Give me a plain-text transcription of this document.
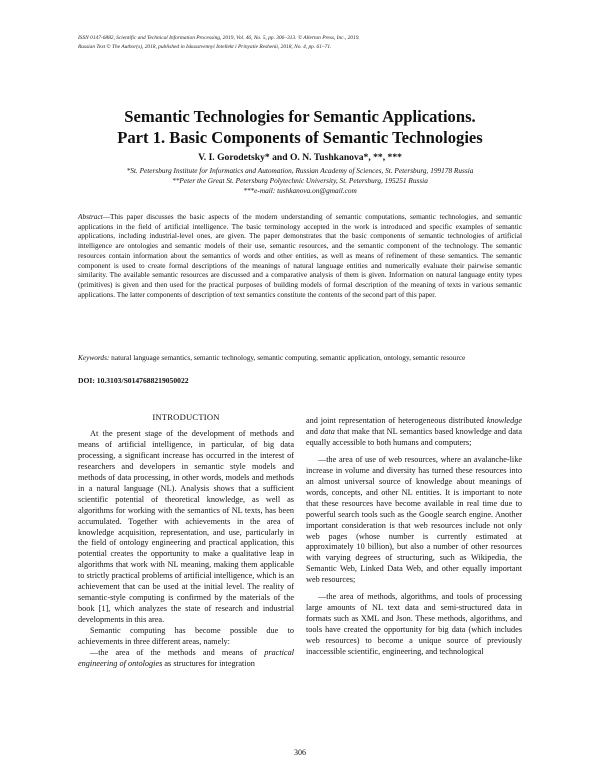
ISSN 0147-6882, Scientific and Technical Information Processing, 2019, Vol. 46, No. 5, pp. 306–313. © Allerton Press, Inc., 2019.
Russian Text © The Author(s), 2018, published in Iskusstvennyi Intellekt i Prinyatie Reshenii, 2018, No. 4, pp. 61–71.
Semantic Technologies for Semantic Applications.
Part 1. Basic Components of Semantic Technologies
V. I. Gorodetsky* and O. N. Tushkanova*, **, ***
*St. Petersburg Institute for Informatics and Automation, Russian Academy of Sciences, St. Petersburg, 199178 Russia
**Peter the Great St. Petersburg Polytechnic University, St. Petersburg, 195251 Russia
***e-mail: tushkanova.on@gmail.com
Abstract—This paper discusses the basic aspects of the modern understanding of semantic computations, semantic technologies, and semantic applications in the field of artificial intelligence. The basic terminology accepted in the work is introduced and specific examples of semantic applications, including industrial-level ones, are given. The paper demonstrates that the basic components of semantic technologies of artificial intelligence are ontologies and semantic models of their use, semantic resources, and the semantic component of the technology. The semantic resources contain information about the semantics of words and other entities, as well as means of refinement of these semantics. The semantic component is used to create formal descriptions of the meanings of natural language entities and numerically evaluate their pairwise semantic similarity. The available semantic resources are discussed and a comparative analysis of them is given. Information on natural language entity types (primitives) is given and then used for the practical purposes of building models of formal description of the meaning of texts in various semantic applications. The latter components of description of text semantics constitute the contents of the second part of this paper.
Keywords: natural language semantics, semantic technology, semantic computing, semantic application, ontology, semantic resource
DOI: 10.3103/S0147688219050022
INTRODUCTION

At the present stage of the development of methods and means of artificial intelligence, in particular, of big data processing, a significant increase has occurred in the interest of researchers and developers in semantic style models and methods of data processing, in other words, models and methods in a natural language (NL). Analysis shows that a sufficient scientific potential of theoretical knowledge, as well as algorithms for working with the semantics of NL texts, has been accumulated. Together with achievements in the area of knowledge acquisition, representation, and use, particularly in the field of ontology engineering and practical application, this potential creates the opportunity to make a qualitative leap in algorithms that work with NL meaning, making them applicable to strictly practical problems of artificial intelligence, which is an achievement that can be used at the initial level. The reality of semantic-style computing is confirmed by the materials of the book [1], which analyzes the state of research and industrial developments in this area.

Semantic computing has become possible due to achievements in three different areas, namely:

—the area of the methods and means of practical engineering of ontologies as structures for integration

and joint representation of heterogeneous distributed knowledge and data that make that NL semantics based knowledge and data equally accessible to both humans and computers;

—the area of use of web resources, where an avalanche-like increase in volume and diversity has turned these resources into an almost universal source of knowledge about meanings of words, concepts, and other NL entities. It is important to note that these resources have become available in real time due to powerful search tools such as the Google search engine. Another important consideration is that web resources include not only web pages (whose number is currently estimated at approximately 10 billion), but also a number of other resources with varying degrees of structuring, such as Wikipedia, the Semantic Web, Linked Data Web, and other equally important web resources;

—the area of methods, algorithms, and tools of processing large amounts of NL text data and semi-structured data in formats such as XML and Json. These methods, algorithms, and tools have created the opportunity for big data (which includes web resources) to become a unique source of previously inaccessible scientific, engineering, and technological

306
